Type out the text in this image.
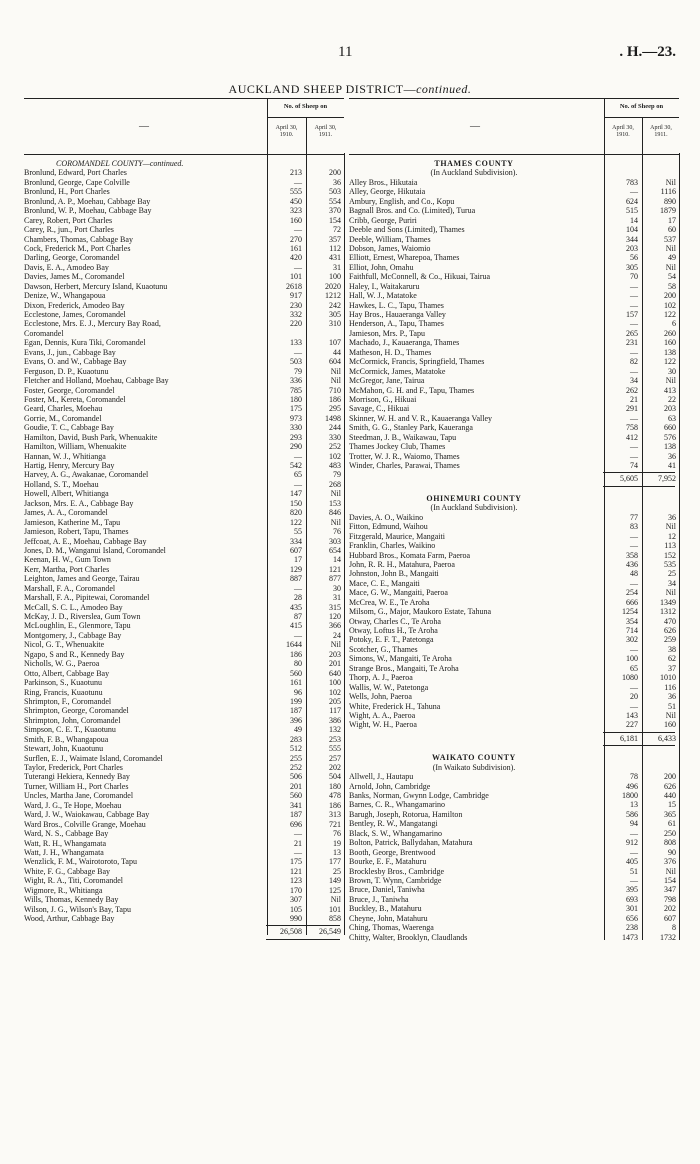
11	. H.—23.
AUCKLAND SHEEP DISTRICT—continued.
—
No. of Sheep on
April 30,
1910.
April 30,
1911.
COROMANDEL COUNTY—continued.
Bronlund, Edward, Port Charles	213	200
Bronlund, George, Cape Colville	—	36
Bronlund, H., Port Charles	555	503
Bronlund, A. P., Moehau, Cabbage Bay	450	554
Bronlund, W. P., Moehau, Cabbage Bay	323	370
Carey, Robert, Port Charles	160	154
Carey, R., jun., Port Charles	—	72
Chambers, Thomas, Cabbage Bay	270	357
Cock, Frederick M., Port Charles	161	112
Darling, George, Coromandel	420	431
Davis, E. A., Amodeo Bay	—	31
Davies, James M., Coromandel	101	100
Dawson, Herbert, Mercury Island, Kuaotunu	2618	2020
Denize, W., Whangapoua	917	1212
Dixon, Frederick, Amodeo Bay	230	242
Ecclestone, James, Coromandel	332	305
Ecclestone, Mrs. E. J., Mercury Bay Road,	220	310
Coromandel
Egan, Dennis, Kura Tiki, Coromandel	133	107
Evans, J., jun., Cabbage Bay	—	44
Evans, O. and W., Cabbage Bay	503	604
Ferguson, D. P., Kuaotunu	79	Nil
Fletcher and Holland, Moehau, Cabbage Bay	336	Nil
Foster, George, Coromandel	785	710
Foster, M., Kereta, Coromandel	180	186
Geard, Charles, Moehau	175	295
Gorrie, M., Coromandel	973	1498
Goudie, T. C., Cabbage Bay	330	244
Hamilton, David, Bush Park, Whenuakite	293	330
Hamilton, William, Whenuakite	290	252
Hannan, W. J., Whitianga	—	102
Hartig, Henry, Mercury Bay	542	483
Harvey, A. G., Awakanae, Coromandel	65	79
Holland, S. T., Moehau	—	268
Howell, Albert, Whitianga	147	Nil
Jackson, Mrs. E. A., Cabbage Bay	150	153
James, A. A., Coromandel	820	846
Jamieson, Katherine M., Tapu	122	Nil
Jamieson, Robert, Tapu, Thames	55	76
Jeffcoat, A. E., Moehau, Cabbage Bay	334	303
Jones, D. M., Wanganui Island, Coromandel	607	654
Keenan, H. W., Gum Town	17	14
Kerr, Martha, Port Charles	129	121
Leighton, James and George, Tairau	887	877
Marshall, F. A., Coromandel	—	30
Marshall, F. A., Pipitewai, Coromandel	28	31
McCall, S. C. L., Amodeo Bay	435	315
McKay, J. D., Riverslea, Gum Town	87	120
McLoughlin, E., Glenmore, Tapu	415	366
Montgomery, J., Cabbage Bay	—	24
Nicol, G. T., Whenuakite	1644	Nil
Ngapo, S and R., Kennedy Bay	186	203
Nicholls, W. G., Paeroa	80	201
Otto, Albert, Cabbage Bay	560	640
Parkinson, S., Kuaotunu	161	100
Ring, Francis, Kuaotunu	96	102
Shrimpton, F., Coromandel	199	205
Shrimpton, George, Coromandel	187	117
Shrimpton, John, Coromandel	396	386
Simpson, C. E. T., Kuaotunu	49	132
Smith, F. B., Whangapoua	283	253
Stewart, John, Kuaotunu	512	555
Surflen, E. J., Waimate Island, Coromandel	255	257
Taylor, Frederick, Port Charles	252	202
Tuterangi Hekiera, Kennedy Bay	506	504
Turner, William H., Port Charles	201	180
Uncles, Martha Jane, Coromandel	560	478
Ward, J. G., Te Hope, Moehau	341	186
Ward, J. W., Waiokawau, Cabbage Bay	187	313
Ward Bros., Colville Grange, Moehau	696	721
Ward, N. S., Cabbage Bay	—	76
Watt, R. H., Whangamata	21	19
Watt, J. H., Whangamata	—	13
Wenzlick, F. M., Wairotoroto, Tapu	175	177
White, F. G., Cabbage Bay	121	25
Wight, R. A., Titi, Coromandel	123	149
Wigmore, R., Whitianga	170	125
Wills, Thomas, Kennedy Bay	307	Nil
Wilson, J. G., Wilson's Bay, Tapu	105	101
Wood, Arthur, Cabbage Bay	990	858
26,508	26,549
—
No. of Sheep on
April 30,
1910.
April 30,
1911.
THAMES COUNTY
(In Auckland Subdivision).
Alley Bros., Hikutaia	783	Nil
Alley, George, Hikutaia	—	1116
Ambury, English, and Co., Kopu	624	890
Bagnall Bros. and Co. (Limited), Turua	515	1879
Cribb, George, Puriri	14	17
Deeble and Sons (Limited), Thames	104	60
Deeble, William, Thames	344	537
Dobson, James, Waiomio	203	Nil
Elliott, Ernest, Wharepoa, Thames	56	49
Elliot, John, Omahu	305	Nil
Faithfull, McConnell, & Co., Hikuai, Tairua	70	54
Haley, I., Waitakaruru	—	58
Hall, W. J., Matatoke	—	200
Hawkes, L. C., Tapu, Thames	—	102
Hay Bros., Hauaeranga Valley	157	122
Henderson, A., Tapu, Thames	—	6
Jamieson, Mrs. P., Tapu	265	260
Machado, J., Kauaeranga, Thames	231	160
Matheson, H. D., Thames	—	138
McCormick, Francis, Springfield, Thames	82	122
McCormick, James, Matatoke	—	30
McGregor, Jane, Tairua	34	Nil
McMahon, G. H. and F., Tapu, Thames	262	413
Morrison, G., Hikuai	21	22
Savage, C., Hikuai	291	203
Skinner, W. H. and V. R., Kauaeranga Valley	—	63
Smith, G. G., Stanley Park, Kaueranga	758	660
Steedman, J. B., Waikawau, Tapu	412	576
Thames Jockey Club, Thames	—	138
Trotter, W. J. R., Waiomo, Thames	—	36
Winder, Charles, Parawai, Thames	74	41
5,605	7,952
OHINEMURI COUNTY
(In Auckland Subdivision).
Davies, A. O., Waikino	77	36
Fitton, Edmund, Waihou	83	Nil
Fitzgerald, Maurice, Mangaiti	—	12
Franklin, Charles, Waikino	—	113
Hubbard Bros., Komata Farm, Paeroa	358	152
John, R. R. H., Matahura, Paeroa	436	535
Johnston, John B., Mangaiti	48	25
Mace, C. E., Mangaiti	—	34
Mace, G. W., Mangaiti, Paeroa	254	Nil
McCrea, W. E., Te Aroha	666	1349
Milsom, G., Major, Maukoro Estate, Tahuna	1254	1312
Otway, Charles C., Te Aroha	354	470
Otway, Loftus H., Te Aroha	714	626
Potoky, E. F. T., Patetonga	302	259
Scotcher, G., Thames	—	38
Simons, W., Mangaiti, Te Aroha	100	62
Strange Bros., Mangaiti, Te Aroha	65	37
Thorp, A. J., Paeroa	1080	1010
Wallis, W. W., Patetonga	—	116
Wells, John, Paeroa	20	36
White, Frederick H., Tahuna	—	51
Wight, A. A., Paeroa	143	Nil
Wight, W. H., Paeroa	227	160
6,181	6,433
WAIKATO COUNTY
(In Waikato Subdivision).
Allwell, J., Hautapu	78	200
Arnold, John, Cambridge	496	626
Banks, Norman, Gwynn Lodge, Cambridge	1800	440
Barnes, C. R., Whangamarino	13	15
Barugh, Joseph, Rotorua, Hamilton	586	365
Bentley, R. W., Mangatangi	94	61
Black, S. W., Whangamarino	—	250
Bolton, Patrick, Ballydahan, Matahura	912	808
Booth, George, Brentwood	—	90
Bourke, E. F., Matahuru	405	376
Brocklesby Bros., Cambridge	51	Nil
Brown, T. Wynn, Cambridge	—	154
Bruce, Daniel, Taniwha	395	347
Bruce, J., Taniwha	693	798
Buckley, B., Matahuru	301	202
Cheyne, John, Matahuru	656	607
Ching, Thomas, Waerenga	238	8
Chitty, Walter, Brooklyn, Claudlands	1473	1732
